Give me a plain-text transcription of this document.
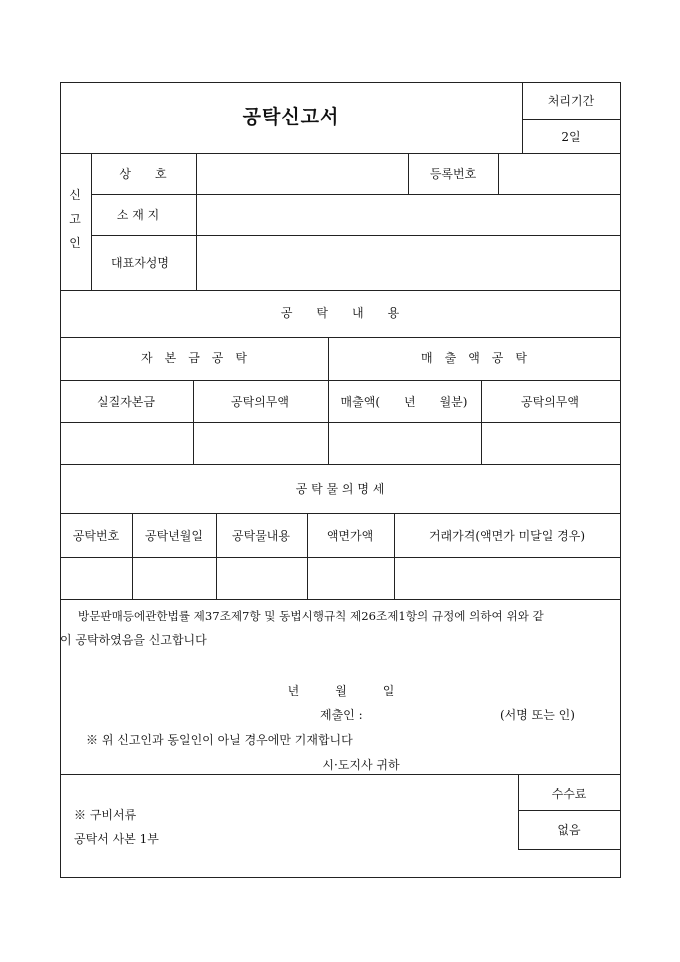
공탁신고서
처리기간
2일
신
고
인
상　　호	등록번호
소 재 지
대표자성명
공　　탁　　내　　용
자　본　금　공　탁	매　출　액　공　탁
실질자본금	공탁의무액	매출액(　　년　　월분)	공탁의무액
공 탁 물 의 명 세
공탁번호 공탁년월일 공탁물내용	액면가액	거래가격(액면가 미달일 경우)
방문판매등에관한법률 제37조제7항 및 동법시행규칙 제26조제1항의 규정에 의하여 위와 같
이 공탁하였음을 신고합니다
년　　　월　　　일
제출인 :	(서명 또는 인)
※ 위 신고인과 동일인이 아닐 경우에만 기재합니다
시·도지사 귀하
※ 구비서류
공탁서 사본 1부
수수료
없음
